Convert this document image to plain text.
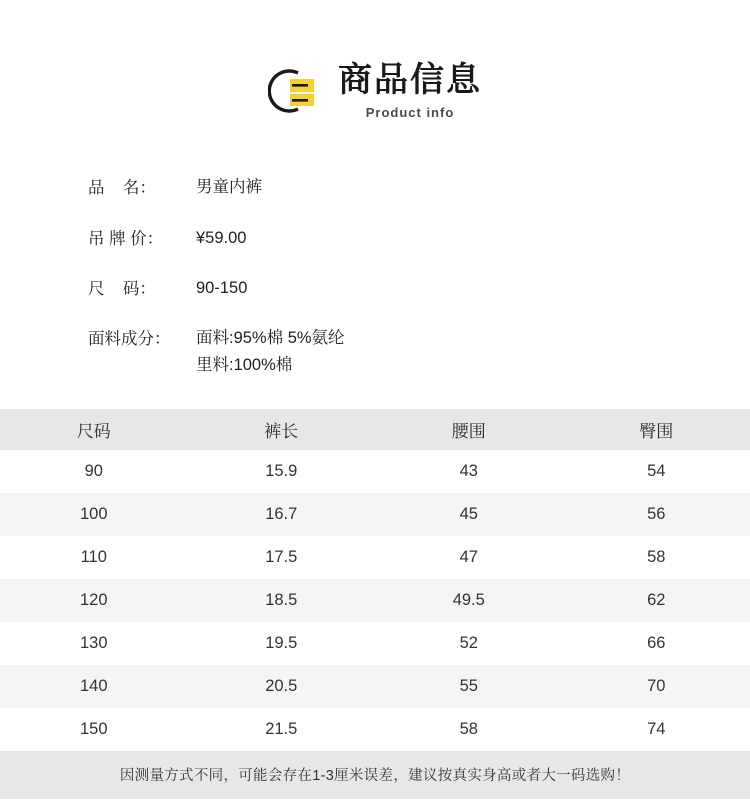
商品信息
Product info
品    名：	男童内裤
吊 牌 价：	¥59.00
尺    码：	90-150
面料成分：	面料:95%棉 5%氨纶
里料:100%棉
尺码	裤长	腰围	臀围
90	15.9	43	54
100	16.7	45	56
110	17.5	47	58
120	18.5	49.5	62
130	19.5	52	66
140	20.5	55	70
150	21.5	58	74
因测量方式不同，可能会存在1-3厘米误差，建议按真实身高或者大一码选购！
